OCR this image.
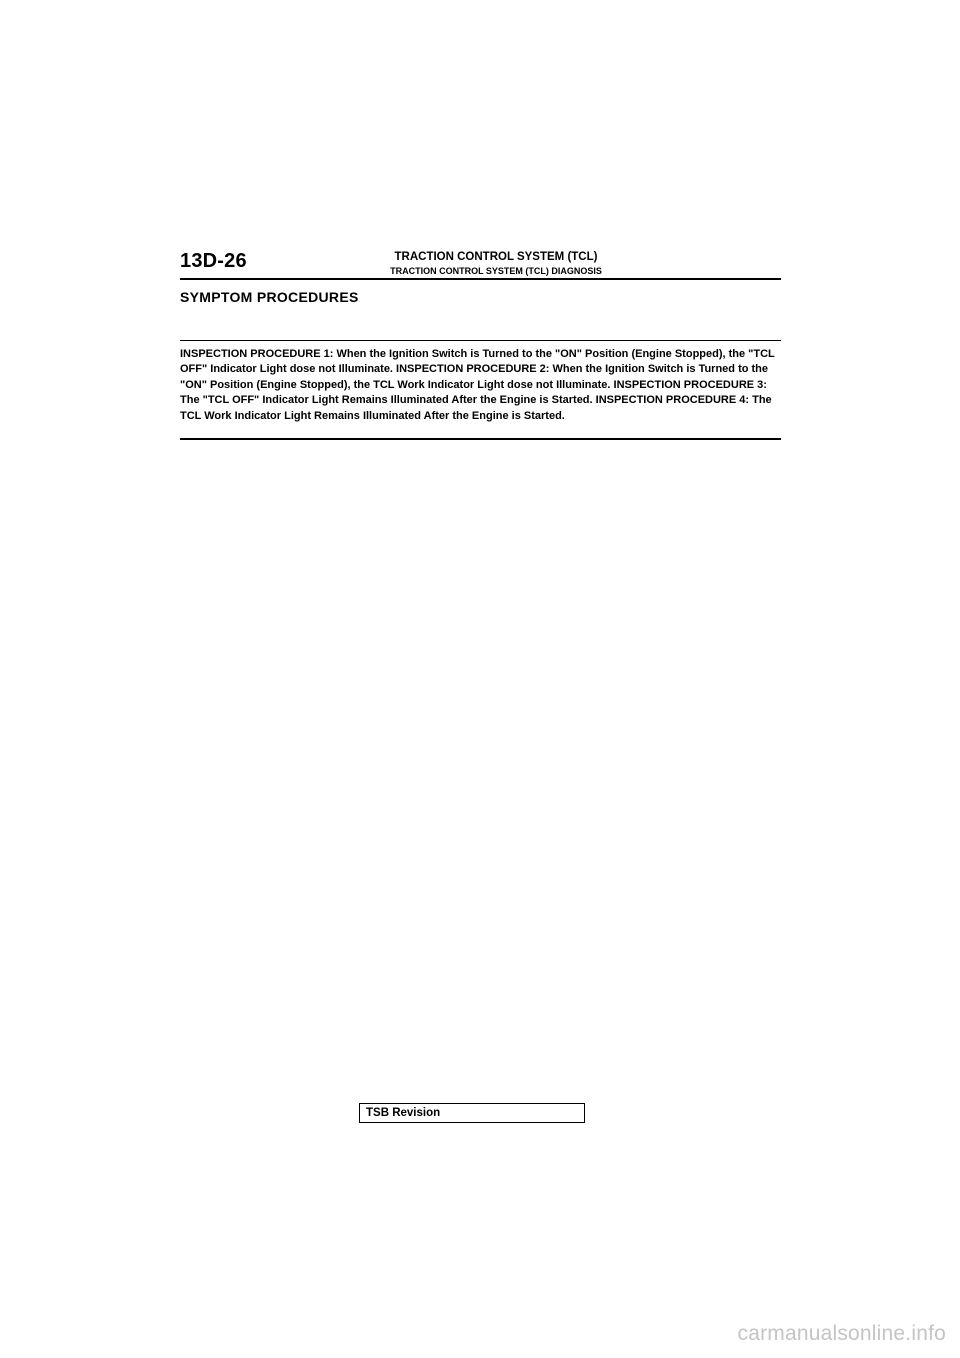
13D-26	TRACTION CONTROL SYSTEM (TCL)
TRACTION CONTROL SYSTEM (TCL) DIAGNOSIS
SYMPTOM PROCEDURES
INSPECTION PROCEDURE 1: When the Ignition Switch is Turned to the "ON" Position (Engine Stopped), the "TCL OFF" Indicator Light dose not Illuminate. INSPECTION PROCEDURE 2: When the Ignition Switch is Turned to the "ON" Position (Engine Stopped), the TCL Work Indicator Light dose not Illuminate. INSPECTION PROCEDURE 3: The "TCL OFF" Indicator Light Remains Illuminated After the Engine is Started. INSPECTION PROCEDURE 4: The TCL Work Indicator Light Remains Illuminated After the Engine is Started.
TSB Revision
carmanualsonline.info
